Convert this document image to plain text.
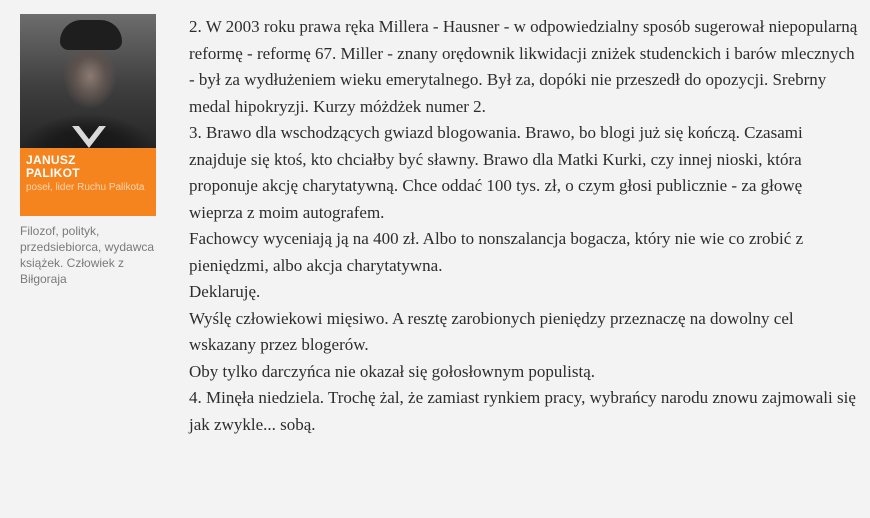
JANUSZ PALIKOT
poseł, lider Ruchu Palikota
Filozof, polityk, przedsiebiorca, wydawca książek. Człowiek z Biłgoraja

2. W 2003 roku prawa ręka Millera - Hausner - w odpowiedzialny sposób sugerował niepopularną reformę - reformę 67. Miller - znany orędownik likwidacji zniżek studenckich i barów mlecznych - był za wydłużeniem wieku emerytalnego. Był za, dopóki nie przeszedł do opozycji. Srebrny medal hipokryzji. Kurzy móżdżek numer 2.

3. Brawo dla wschodzących gwiazd blogowania. Brawo, bo blogi już się kończą. Czasami znajduje się ktoś, kto chciałby być sławny. Brawo dla Matki Kurki, czy innej nioski, która proponuje akcję charytatywną. Chce oddać 100 tys. zł, o czym głosi publicznie - za głowę wieprza z moim autografem.

Fachowcy wyceniają ją na 400 zł. Albo to nonszalancja bogacza, który nie wie co zrobić z pieniędzmi, albo akcja charytatywna.

Deklaruję.

Wyślę człowiekowi mięsiwo. A resztę zarobionych pieniędzy przeznaczę na dowolny cel wskazany przez blogerów.

Oby tylko darczyńca nie okazał się gołosłownym populistą.

4. Minęła niedziela. Trochę żal, że zamiast rynkiem pracy, wybrańcy narodu znowu zajmowali się jak zwykle... sobą.
